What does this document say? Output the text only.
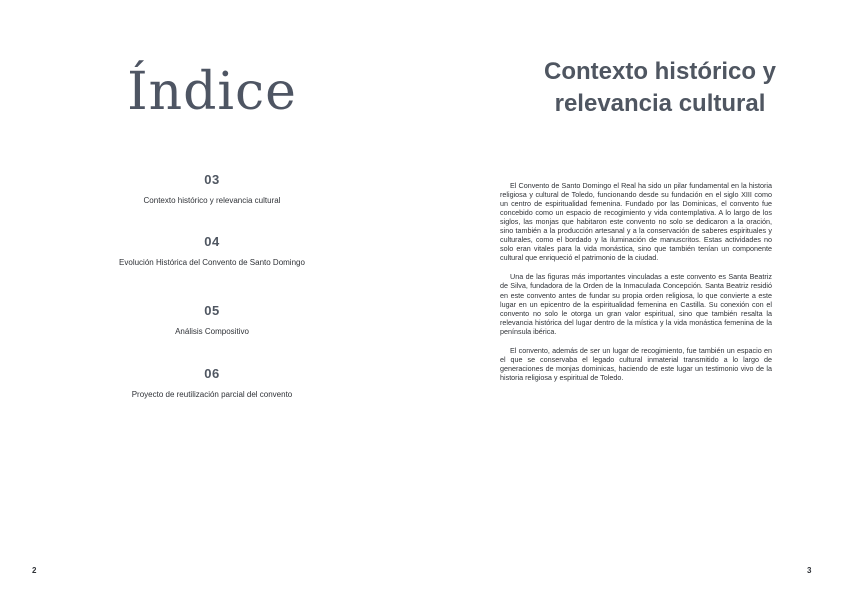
Índice
03
Contexto histórico y relevancia cultural
04
Evolución Histórica del Convento de Santo Domingo
05
Análisis Compositivo
06
Proyecto de reutilización parcial del convento
2
Contexto histórico y
relevancia cultural

El Convento de Santo Domingo el Real ha sido un pilar fundamental en la historia religiosa y cultural de Toledo, funcionando desde su fundación en el siglo XIII como un centro de espiritualidad femenina. Fundado por las Dominicas, el convento fue concebido como un espacio de recogimiento y vida contemplativa. A lo largo de los siglos, las monjas que habitaron este convento no solo se dedicaron a la oración, sino también a la producción artesanal y a la conservación de saberes espirituales y culturales, como el bordado y la iluminación de manuscritos. Estas actividades no solo eran vitales para la vida monástica, sino que también tenían un componente cultural que enriqueció el patrimonio de la ciudad.

Una de las figuras más importantes vinculadas a este convento es Santa Beatriz de Silva, fundadora de la Orden de la Inmaculada Concepción. Santa Beatriz residió en este convento antes de fundar su propia orden religiosa, lo que convierte a este lugar en un epicentro de la espiritualidad femenina en Castilla. Su conexión con el convento no solo le otorga un gran valor espiritual, sino que también resalta la relevancia histórica del lugar dentro de la mística y la vida monástica femenina de la península ibérica.

El convento, además de ser un lugar de recogimiento, fue también un espacio en el que se conservaba el legado cultural inmaterial transmitido a lo largo de generaciones de monjas dominicas, haciendo de este lugar un testimonio vivo de la historia religiosa y espiritual de Toledo.

3
